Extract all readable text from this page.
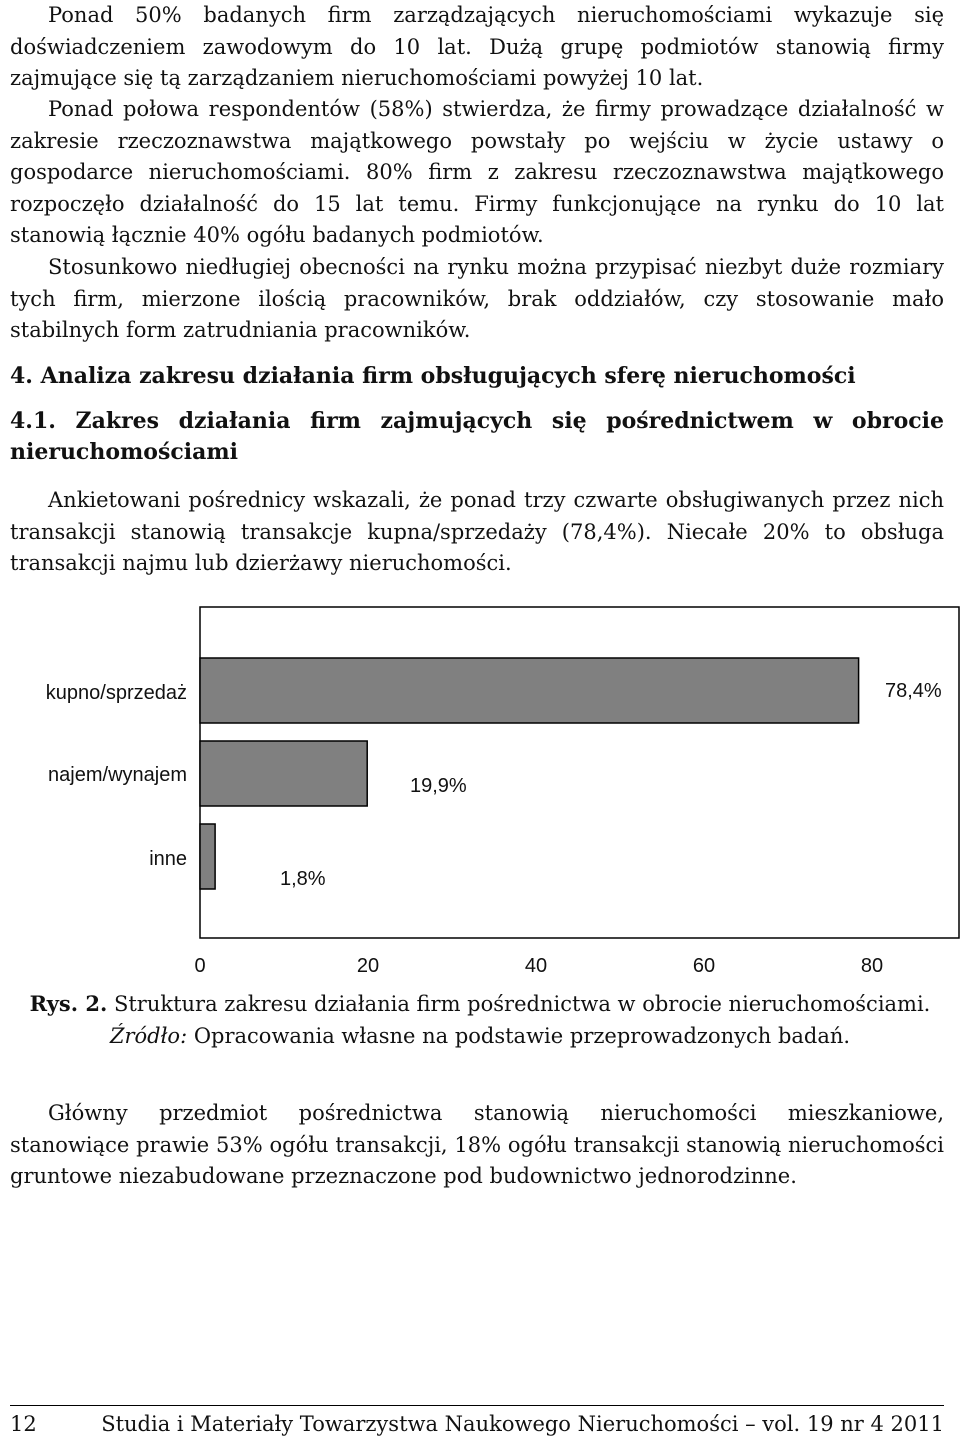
Ponad 50% badanych firm zarządzających nieruchomościami wykazuje się doświadczeniem zawodowym do 10 lat. Dużą grupę podmiotów stanowią firmy zajmujące się tą zarządzaniem nieruchomościami powyżej 10 lat.

Ponad połowa respondentów (58%) stwierdza, że firmy prowadzące działalność w zakresie rzeczoznawstwa majątkowego powstały po wejściu w życie ustawy o gospodarce nieruchomościami. 80% firm z zakresu rzeczoznawstwa majątkowego rozpoczęło działalność do 15 lat temu. Firmy funkcjonujące na rynku do 10 lat stanowią łącznie 40% ogółu badanych podmiotów.

Stosunkowo niedługiej obecności na rynku można przypisać niezbyt duże rozmiary tych firm, mierzone ilością pracowników, brak oddziałów, czy stosowanie mało stabilnych form zatrudniania pracowników.

4. Analiza zakresu działania firm obsługujących sferę nieruchomości

4.1. Zakres działania firm zajmujących się pośrednictwem w obrocie nieruchomościami

Ankietowani pośrednicy wskazali, że ponad trzy czwarte obsługiwanych przez nich transakcji stanowią transakcje kupna/sprzedaży (78,4%). Niecałe 20% to obsługa transakcji najmu lub dzierżawy nieruchomości.

kupno/sprzedaż
najem/wynajem
inne
78,4%
19,9%
1,8%
0	20	40	60	80

Rys. 2. Struktura zakresu działania firm pośrednictwa w obrocie nieruchomościami. Źródło: Opracowania własne na podstawie przeprowadzonych badań.

Główny przedmiot pośrednictwa stanowią nieruchomości mieszkaniowe, stanowiące prawie 53% ogółu transakcji, 18% ogółu transakcji stanowią nieruchomości gruntowe niezabudowane przeznaczone pod budownictwo jednorodzinne.

12	Studia i Materiały Towarzystwa Naukowego Nieruchomości – vol. 19 nr 4 2011
